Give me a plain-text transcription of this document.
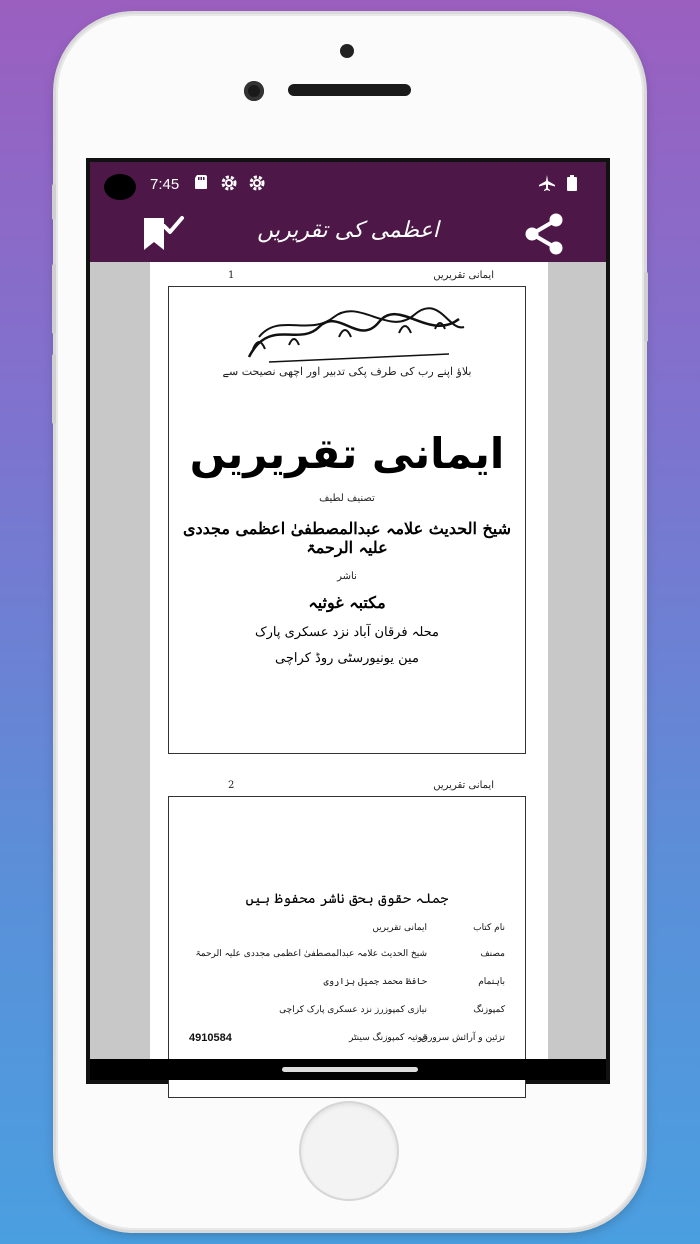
7:45
اعظمی کی تقریریں
1	ایمانی تقریریں
بلاؤ اپنے رب کی طرف پکی تدبیر اور اچھی نصیحت سے
ایمانی تقریریں
تصنیف لطیف
شیخ الحدیث علامہ عبدالمصطفیٰ اعظمی مجددی علیہ الرحمۃ
ناشر
مکتبہ غوثیہ
محلہ فرقان آباد نزد عسکری پارک
مین یونیورسٹی روڈ کراچی
2	ایمانی تقریریں
جملہ حقوق بحق ناشر محفوظ ہیں
نام کتاب
ایمانی تقریریں
مصنف
شیخ الحدیث علامہ عبدالمصطفیٰ اعظمی مجددی علیہ الرحمۃ
باہتمام
حافظ محمد جمیل ہزاروی
کمپوزنگ
نیازی کمپوزرز نزد عسکری پارک کراچی
تزئین و آرائش سرورق
غوثیہ کمپوزنگ سینٹر
4910584
